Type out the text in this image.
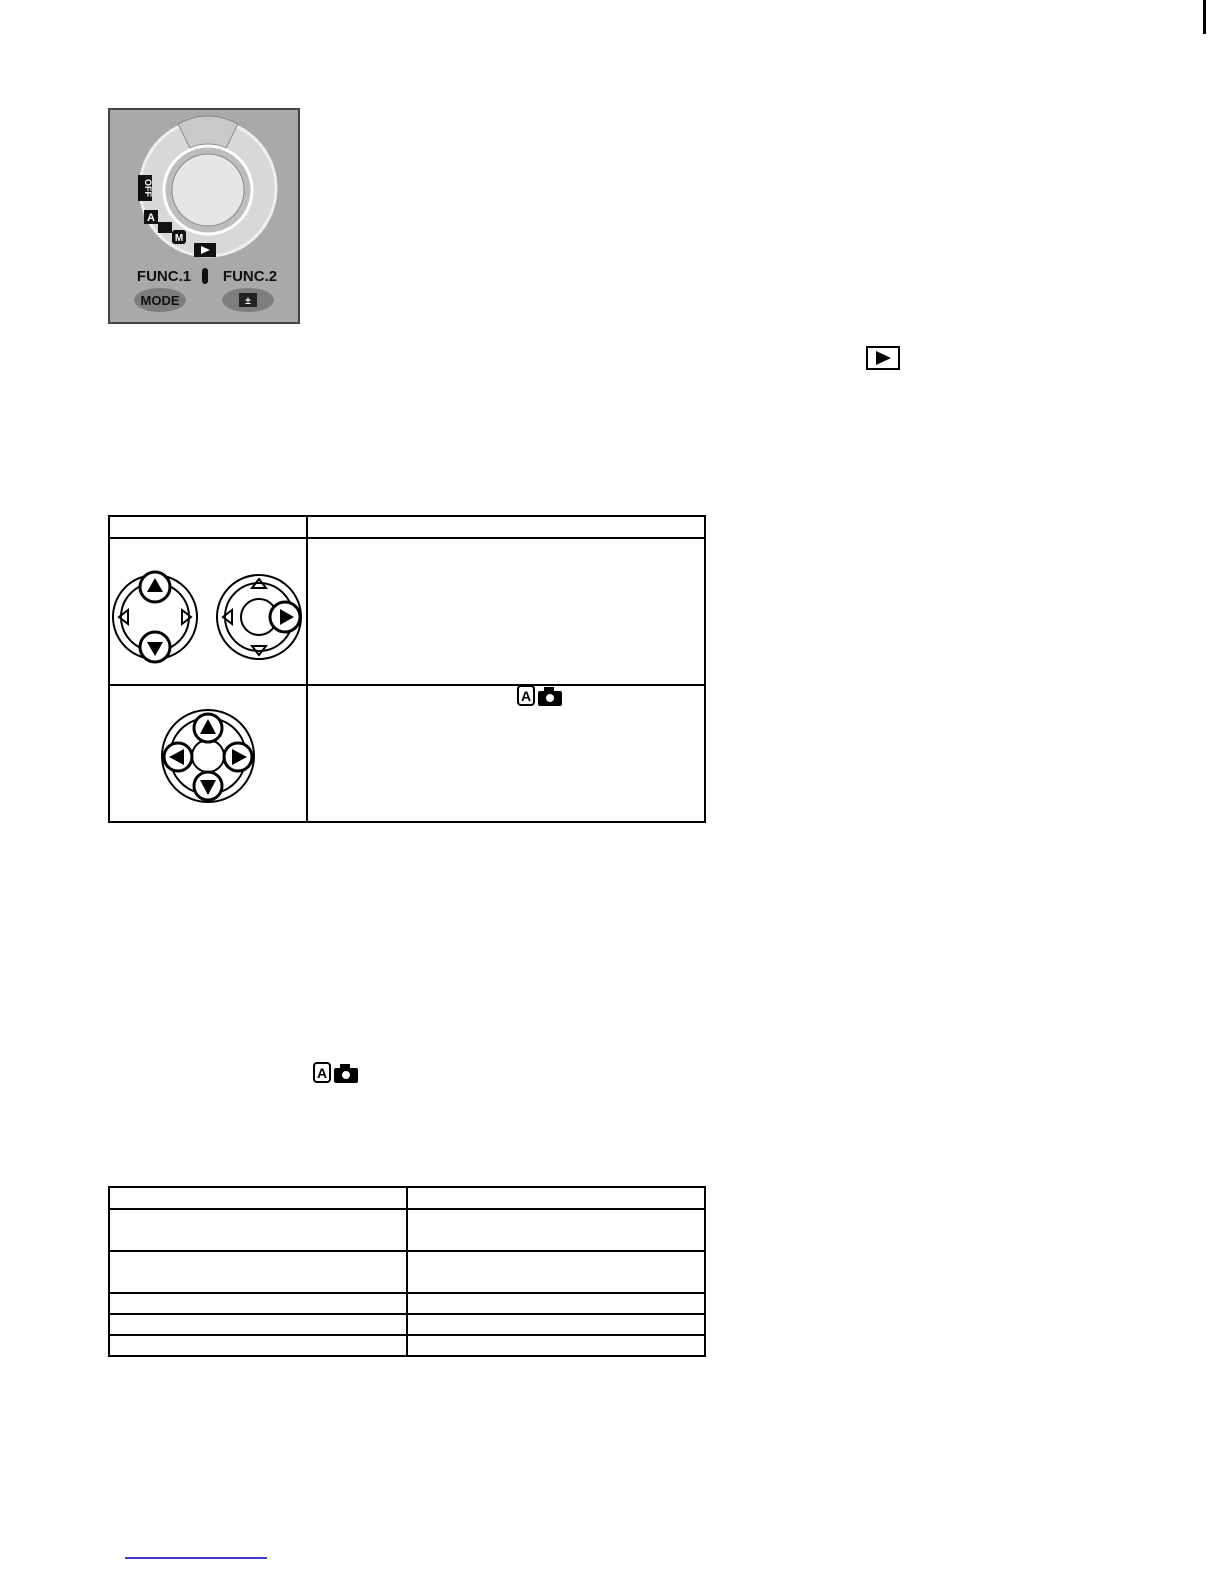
OFF
A
M
FUNC.1 FUNC.2
MODE	±

A
A
